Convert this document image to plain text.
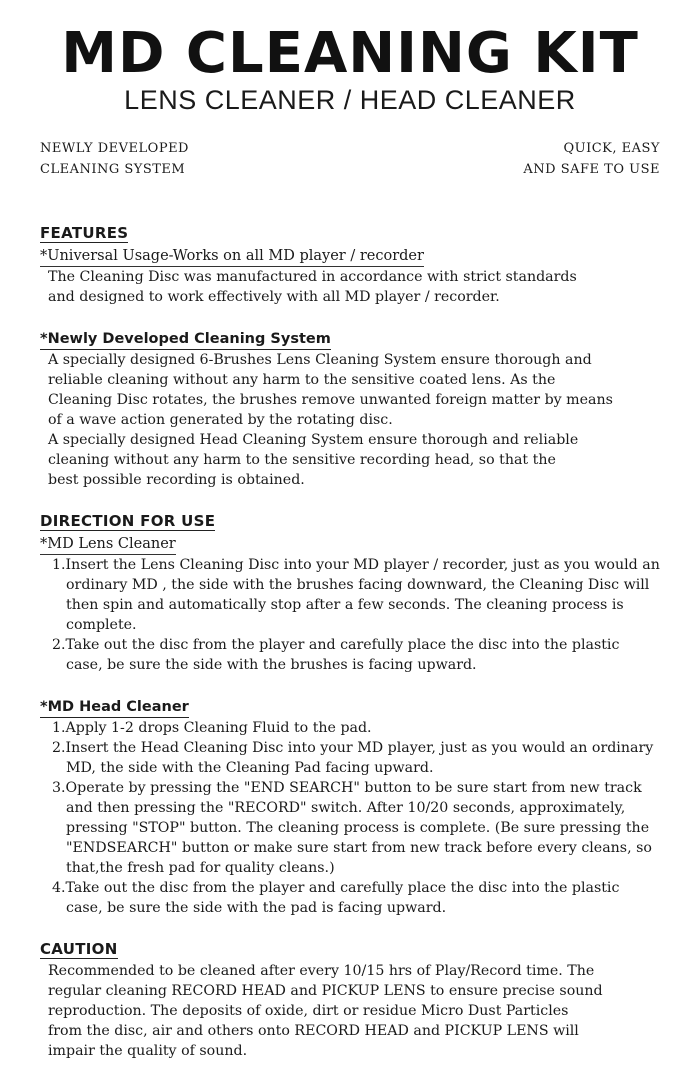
MD CLEANING KIT
LENS CLEANER / HEAD CLEANER
NEWLY DEVELOPED
CLEANING SYSTEM
QUICK, EASY
AND SAFE TO USE
FEATURES
*Universal Usage-Works on all MD player / recorder

The Cleaning Disc was manufactured in accordance with strict standards

and designed to work effectively with all MD player / recorder.

*Newly Developed Cleaning System

A specially designed 6-Brushes Lens Cleaning System ensure thorough and

reliable cleaning without any harm to the sensitive coated lens. As the

Cleaning Disc rotates, the brushes remove unwanted foreign matter by means

of a wave action generated by the rotating disc.

A specially designed Head Cleaning System ensure thorough and reliable

cleaning without any harm to the sensitive recording head, so that the

best possible recording is obtained.

DIRECTION FOR USE
*MD Lens Cleaner
1.Insert the Lens Cleaning Disc into your MD player / recorder, just as you would an ordinary MD , the side with the brushes facing downward, the Cleaning Disc will then spin and automatically stop after a few seconds. The cleaning process is complete.
2.Take out the disc from the player and carefully place the disc into the plastic case, be sure the side with the brushes is facing upward.
*MD Head Cleaner
1.Apply 1-2 drops Cleaning Fluid to the pad.
2.Insert the Head Cleaning Disc into your MD player, just as you would an ordinary MD, the side with the Cleaning Pad facing upward.
3.Operate by pressing the "END SEARCH" button to be sure start from new track and then pressing the "RECORD" switch. After 10/20 seconds, approximately, pressing "STOP" button. The cleaning process is complete. (Be sure pressing the "ENDSEARCH" button or make sure start from new track before every cleans, so that,the fresh pad for quality cleans.)
4.Take out the disc from the player and carefully place the disc into the plastic case, be sure the side with the pad is facing upward.
CAUTION

Recommended to be cleaned after every 10/15 hrs of Play/Record time. The

regular cleaning RECORD HEAD and PICKUP LENS to ensure precise sound

reproduction. The deposits of oxide, dirt or residue Micro Dust Particles

from the disc, air and others onto RECORD HEAD and PICKUP LENS will

impair the quality of sound.
